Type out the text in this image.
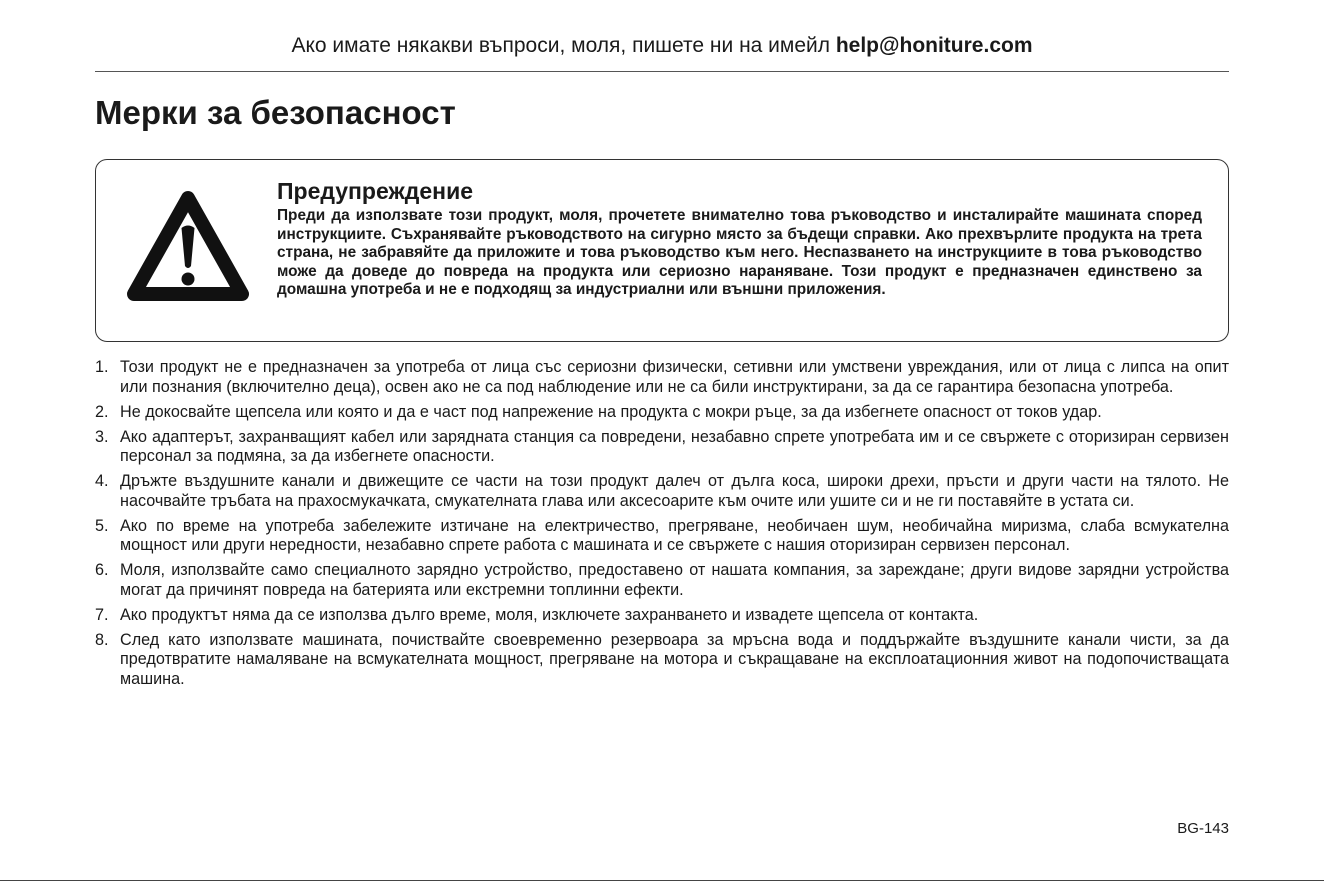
Ако имате някакви въпроси, моля, пишете ни на имейл help@honiture.com
Мерки за безопасност
Предупреждение

Преди да използвате този продукт, моля, прочетете внимателно това ръководство и инсталирайте машината според инструкциите. Съхранявайте ръководството на сигурно място за бъдещи справки. Ако прехвърлите продукта на трета страна, не забравяйте да приложите и това ръководство към него. Неспазването на инструкциите в това ръководство може да доведе до повреда на продукта или сериозно нараняване. Този продукт е предназначен единствено за домашна употреба и не е подходящ за индустриални или външни приложения.

1. Този продукт не е предназначен за употреба от лица със сериозни физически, сетивни или умствени увреждания, или от лица с липса на опит или познания (включително деца), освен ако не са под наблюдение или не са били инструктирани, за да се гарантира безопасна употреба.
2. Не докосвайте щепсела или която и да е част под напрежение на продукта с мокри ръце, за да избегнете опасност от токов удар.
3. Ако адаптерът, захранващият кабел или зарядната станция са повредени, незабавно спрете употребата им и се свържете с оторизиран сервизен персонал за подмяна, за да избегнете опасности.
4. Дръжте въздушните канали и движещите се части на този продукт далеч от дълга коса, широки дрехи, пръсти и други части на тялото. Не насочвайте тръбата на прахосмукачката, смукателната глава или аксесоарите към очите или ушите си и не ги поставяйте в устата си.
5. Ако по време на употреба забележите изтичане на електричество, прегряване, необичаен шум, необичайна миризма, слаба всмукателна мощност или други нередности, незабавно спрете работа с машината и се свържете с нашия оторизиран сервизен персонал.
6. Моля, използвайте само специалното зарядно устройство, предоставено от нашата компания, за зареждане; други видове зарядни устройства могат да причинят повреда на батерията или екстремни топлинни ефекти.
7. Ако продуктът няма да се използва дълго време, моля, изключете захранването и извадете щепсела от контакта.
8. След като използвате машината, почиствайте своевременно резервоара за мръсна вода и поддържайте въздушните канали чисти, за да предотвратите намаляване на всмукателната мощност, прегряване на мотора и съкращаване на експлоатационния живот на подопочистващата машина.
BG-143
